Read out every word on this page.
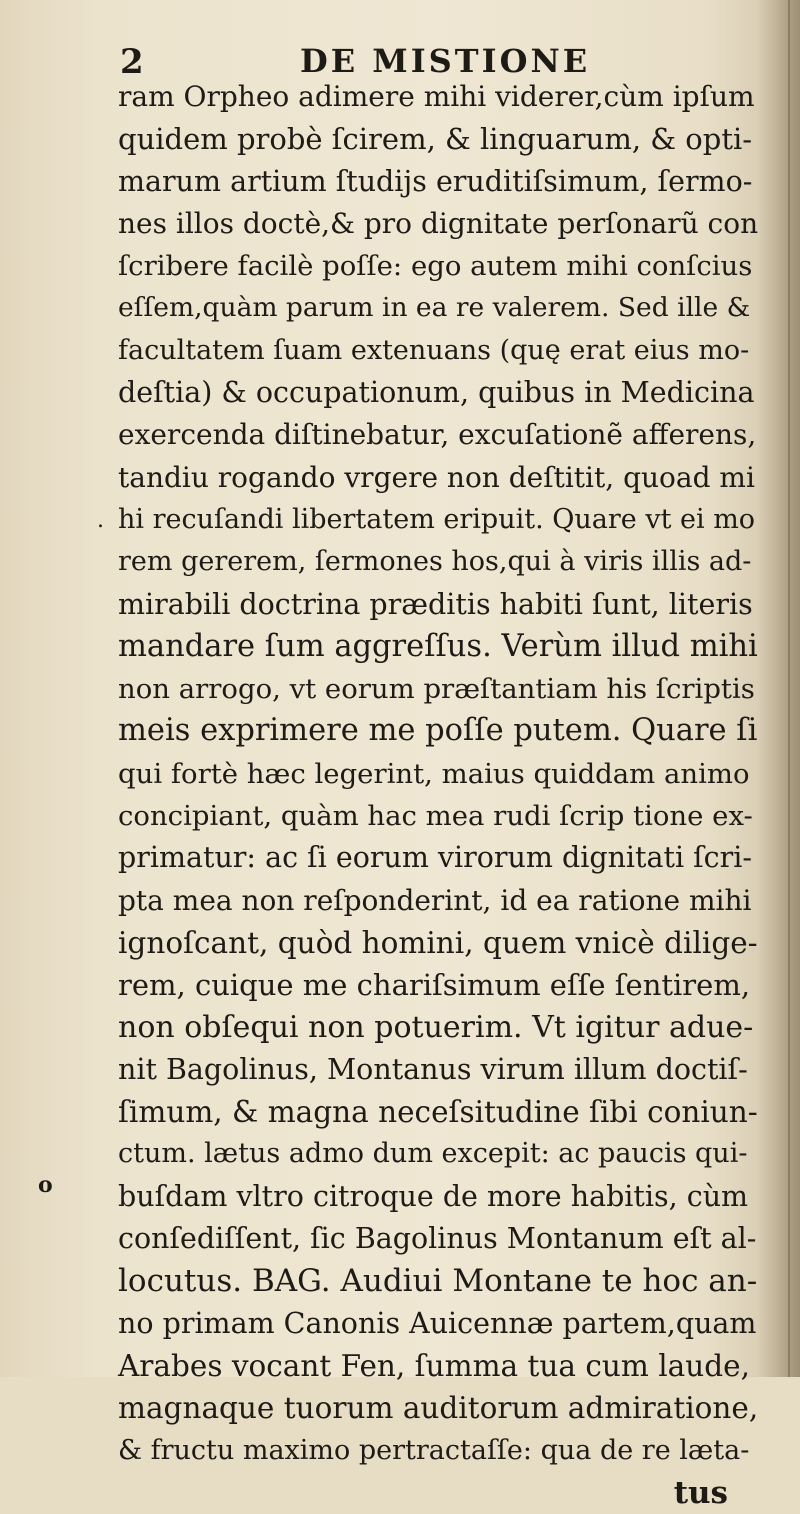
2	DE MISTIONE
.
o
ram Orpheo adimere mihi viderer,cùm ipſum
quidem probè ſcirem, & linguarum, & opti-
marum artium ſtudijs eruditiſsimum, ſermo-
nes illos doctè,& pro dignitate perſonarũ con
ſcribere facilè poſſe: ego autem mihi conſcius
eſſem,quàm parum in ea re valerem. Sed ille &
facultatem ſuam extenuans (quę erat eius mo-
deſtia) & occupationum, quibus in Medicina
exercenda diſtinebatur, excuſationẽ afferens,
tandiu rogando vrgere non deſtitit, quoad mi
hi recuſandi libertatem eripuit. Quare vt ei mo
rem gererem, ſermones hos,qui à viris illis ad-
mirabili doctrina præditis habiti ſunt, literis
mandare ſum aggreſſus. Verùm illud mihi
non arrogo, vt eorum præſtantiam his ſcriptis
meis exprimere me poſſe putem. Quare ſi
qui fortè hæc legerint, maius quiddam animo
concipiant, quàm hac mea rudi ſcrip tione ex-
primatur: ac ſi eorum virorum dignitati ſcri-
pta mea non reſponderint, id ea ratione mihi
ignoſcant, quòd homini, quem vnicè dilige-
rem, cuique me chariſsimum eſſe ſentirem,
non obſequi non potuerim. Vt igitur adue-
nit Bagolinus, Montanus virum illum doctiſ-
ſimum, & magna neceſsitudine ſibi coniun-
ctum. lætus admo dum excepit: ac paucis qui-
buſdam vltro citroque de more habitis, cùm
conſediſſent, ſic Bagolinus Montanum eſt al-
locutus. BAG. Audiui Montane te hoc an-
no primam Canonis Auicennæ partem,quam
Arabes vocant Fen, ſumma tua cum laude,
magnaque tuorum auditorum admiratione,
& fructu maximo pertractaſſe: qua de re læta-
tus
